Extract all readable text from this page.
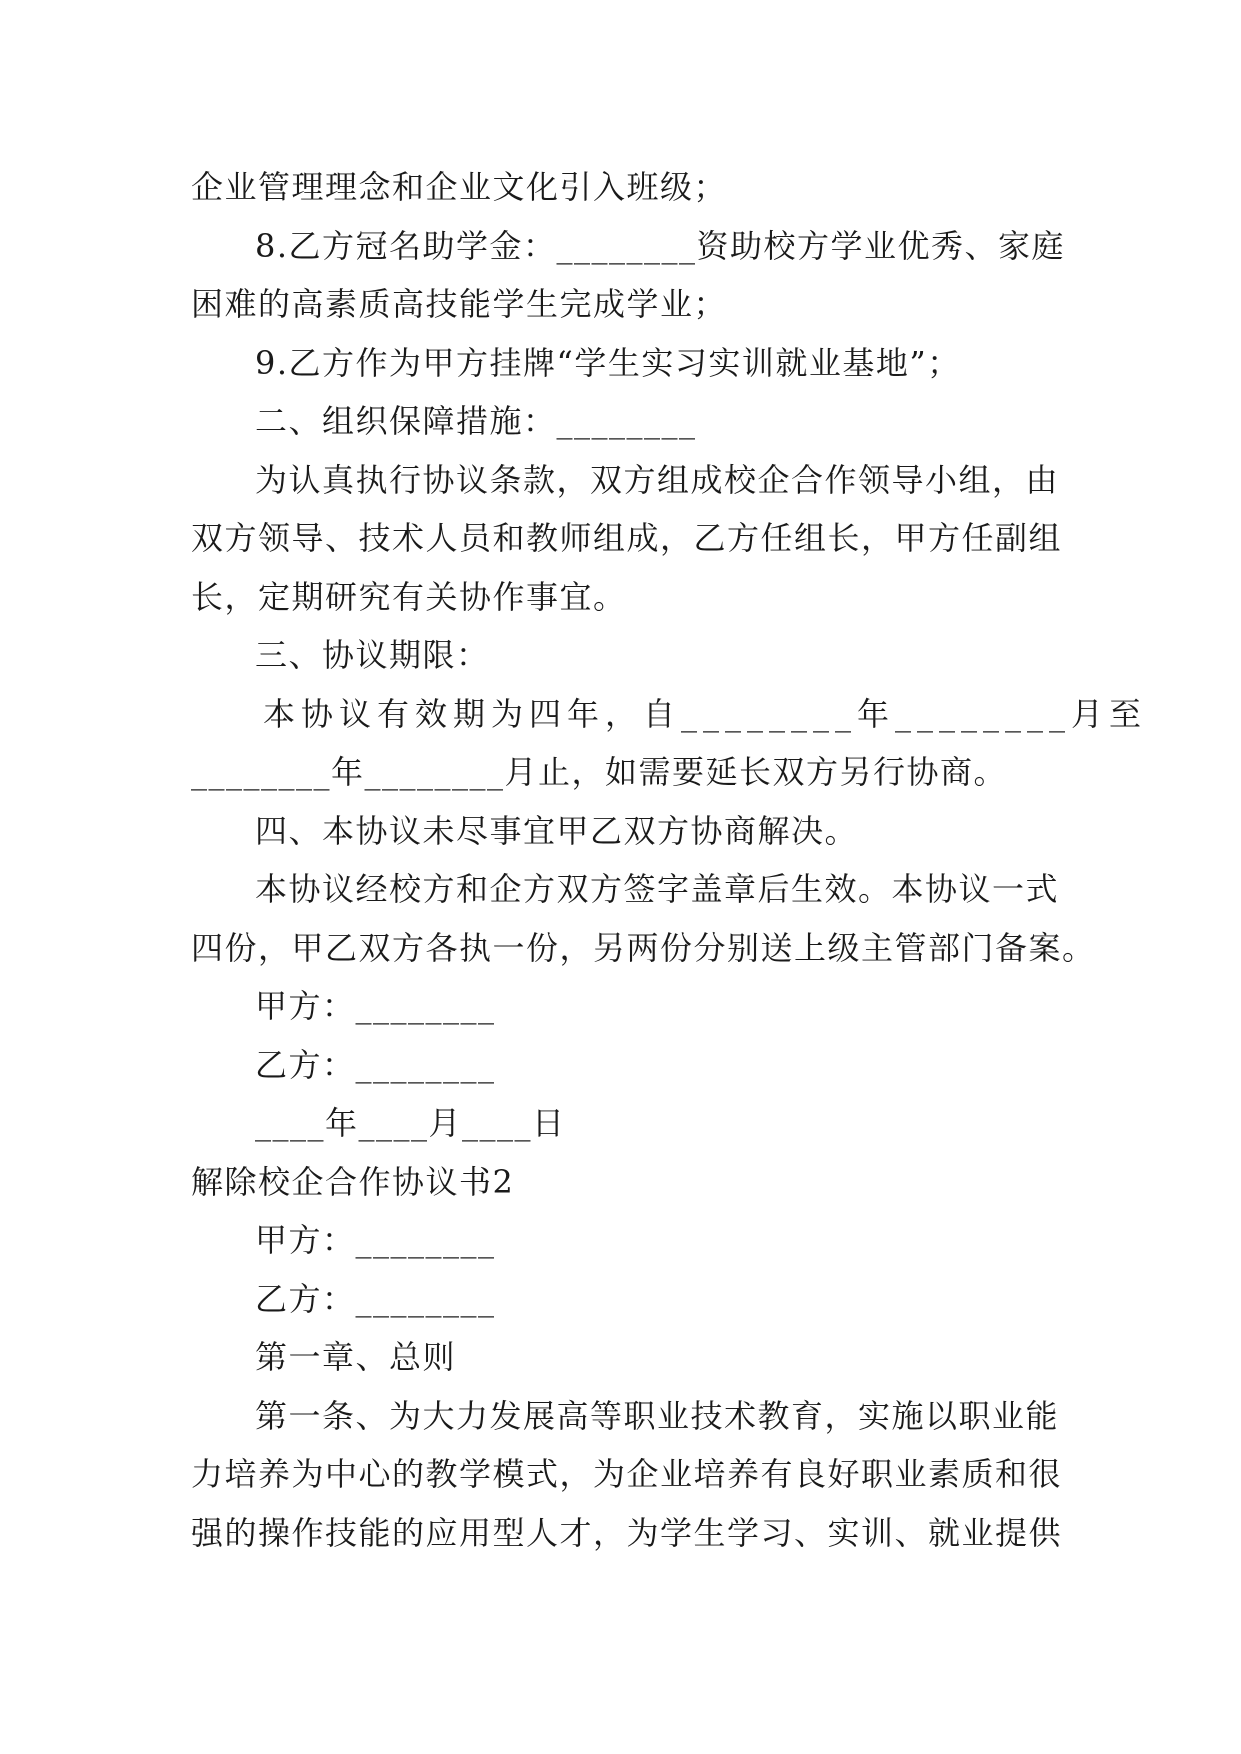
企业管理理念和企业文化引入班级；

8.乙方冠名助学金：________资助校方学业优秀、家庭

困难的高素质高技能学生完成学业；

9.乙方作为甲方挂牌“学生实习实训就业基地”；

二、组织保障措施：________

为认真执行协议条款，双方组成校企合作领导小组，由

双方领导、技术人员和教师组成，乙方任组长，甲方任副组

长，定期研究有关协作事宜。

三、协议期限：

本协议有效期为四年，自________年________月至

________年________月止，如需要延长双方另行协商。

四、本协议未尽事宜甲乙双方协商解决。

本协议经校方和企方双方签字盖章后生效。本协议一式

四份，甲乙双方各执一份，另两份分别送上级主管部门备案。

甲方：________

乙方：________

____年____月____日

解除校企合作协议书2

甲方：________

乙方：________

第一章、总则

第一条、为大力发展高等职业技术教育，实施以职业能

力培养为中心的教学模式，为企业培养有良好职业素质和很

强的操作技能的应用型人才，为学生学习、实训、就业提供
